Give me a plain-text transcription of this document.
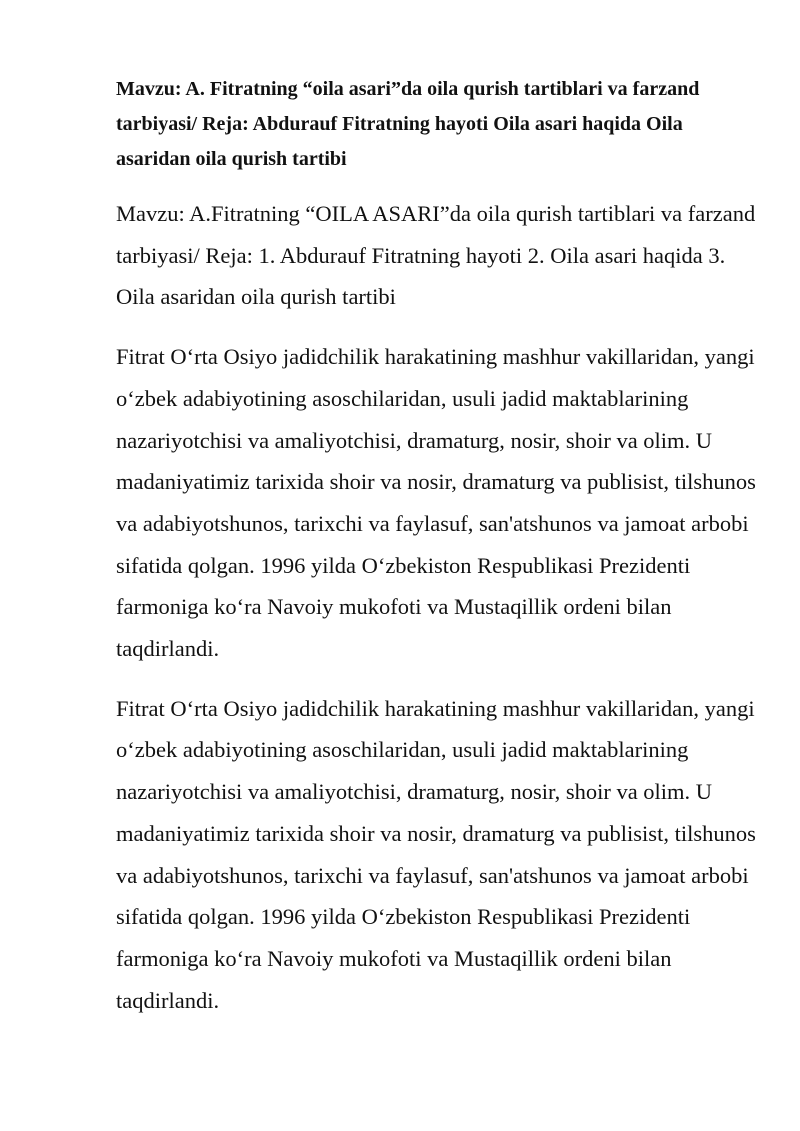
Mavzu: A. Fitratning “oila asari”da oila qurish tartiblari va farzand tarbiyasi/ Reja: Abdurauf Fitratning hayoti Oila asari haqida Oila asaridan oila qurish tartibi

Mavzu: A.Fitratning “OILA ASARI”da oila qurish tartiblari va farzand tarbiyasi/ Reja: 1. Abdurauf Fitratning hayoti 2. Oila asari haqida 3. Oila asaridan oila qurish tartibi

Fitrat O‘rta Osiyo jadidchilik harakatining mashhur vakillaridan, yangi o‘zbek adabiyotining asoschilaridan, usuli jadid maktablarining nazariyotchisi va amaliyotchisi, dramaturg, nosir, shoir va olim. U madaniyatimiz tarixida shoir va nosir, dramaturg va publisist, tilshunos va adabiyotshunos, tarixchi va faylasuf, san'atshunos va jamoat arbobi sifatida qolgan. 1996 yilda O‘zbekiston Respublikasi Prezidenti farmoniga ko‘ra Navoiy mukofoti va Mustaqillik ordeni bilan taqdirlandi.

Fitrat O‘rta Osiyo jadidchilik harakatining mashhur vakillaridan, yangi o‘zbek adabiyotining asoschilaridan, usuli jadid maktablarining nazariyotchisi va amaliyotchisi, dramaturg, nosir, shoir va olim. U madaniyatimiz tarixida shoir va nosir, dramaturg va publisist, tilshunos va adabiyotshunos, tarixchi va faylasuf, san'atshunos va jamoat arbobi sifatida qolgan. 1996 yilda O‘zbekiston Respublikasi Prezidenti farmoniga ko‘ra Navoiy mukofoti va Mustaqillik ordeni bilan taqdirlandi.
